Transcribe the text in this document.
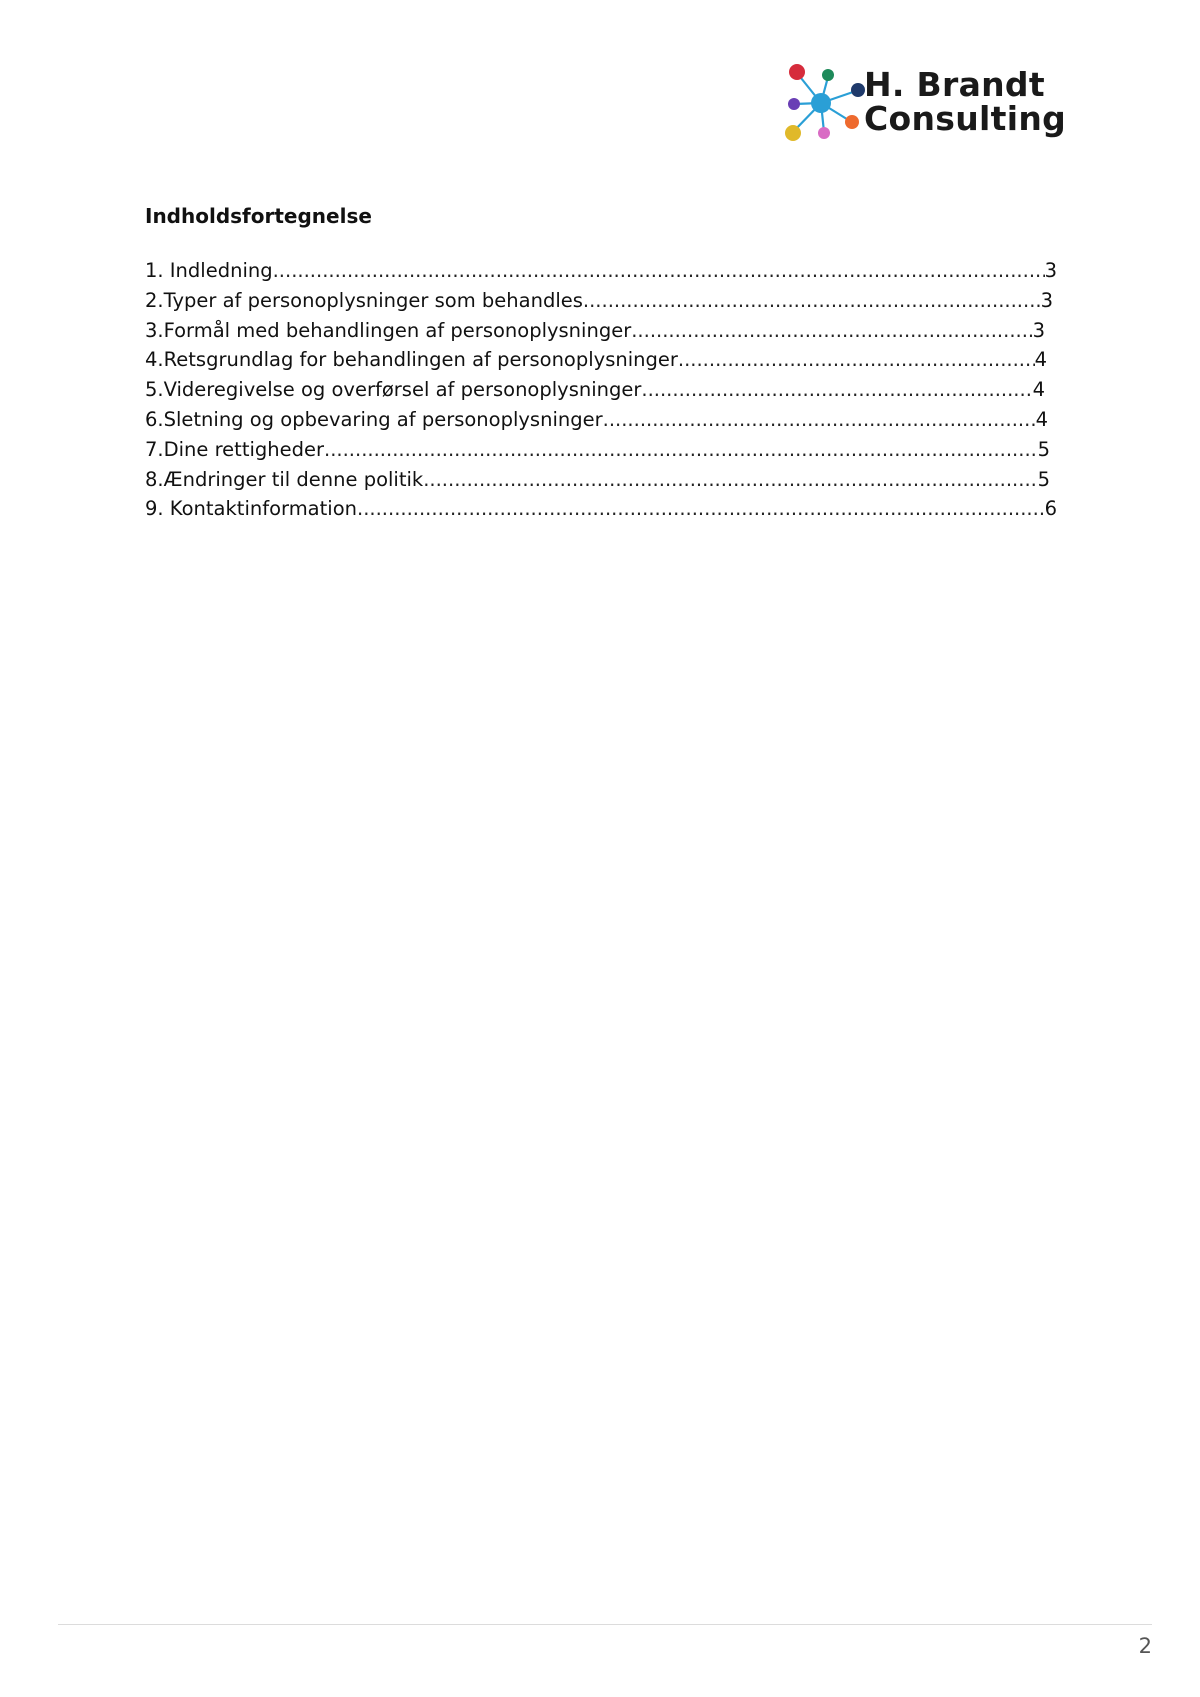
H. Brandt
Consulting
Indholdsfortegnelse
1. Indledning .....	3
2.Typer af personoplysninger som behandles .....	3
3.Formål med behandlingen af personoplysninger .....	3
4.Retsgrundlag for behandlingen af personoplysninger .....	4
5.Videregivelse og overførsel af personoplysninger .....	4
6.Sletning og opbevaring af personoplysninger .....	4
7.Dine rettigheder .....	5
8.Ændringer til denne politik .....	5
9. Kontaktinformation .....	6
2
